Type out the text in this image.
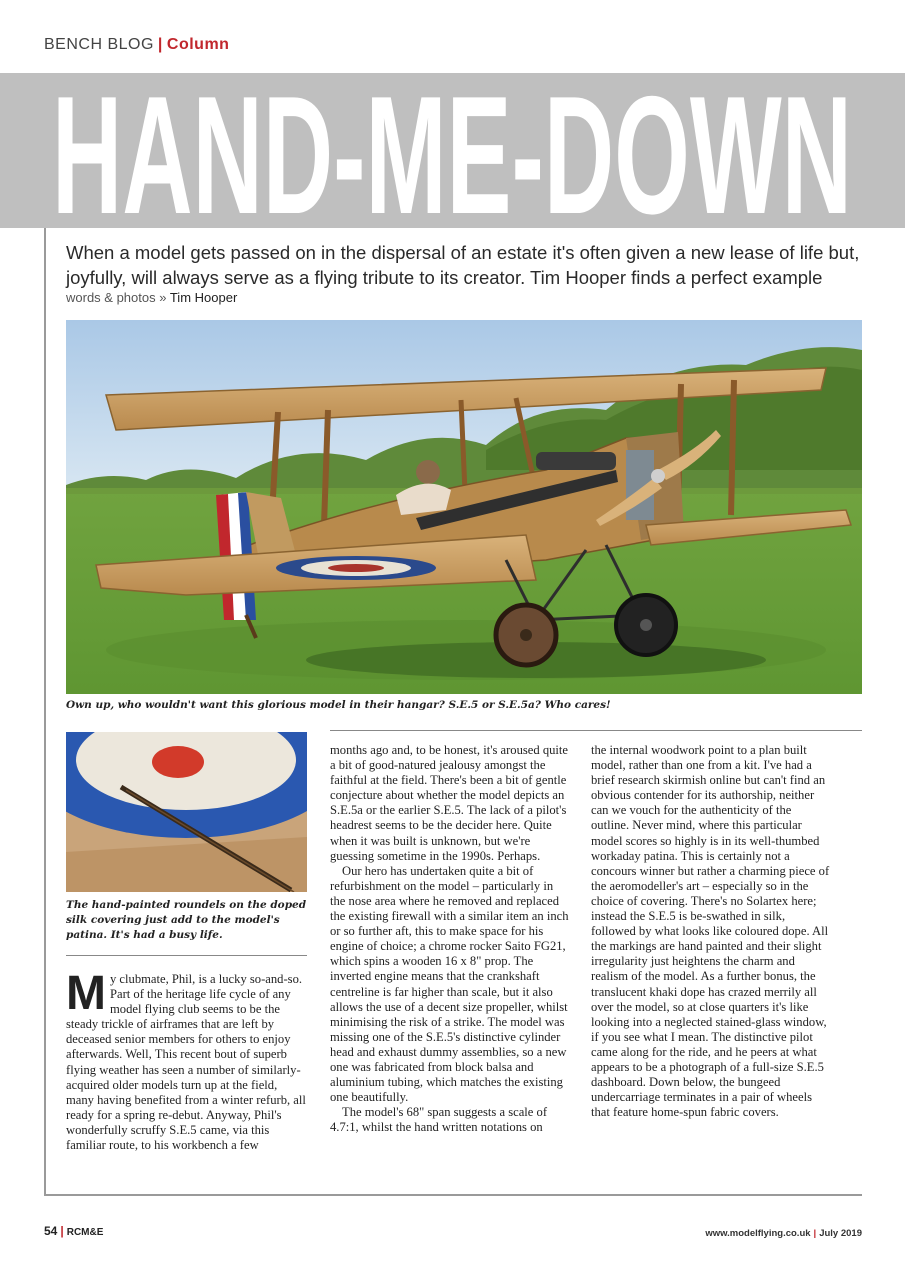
BENCH BLOG | Column
HAND-ME-DOWN
When a model gets passed on in the dispersal of an estate it's often given a new lease of life but, joyfully, will always serve as a flying tribute to its creator. Tim Hooper finds a perfect example
words & photos » Tim Hooper
Own up, who wouldn't want this glorious model in their hangar? S.E.5 or S.E.5a? Who cares!
The hand-painted roundels on the doped silk covering just add to the model's patina. It's had a busy life.

My clubmate, Phil, is a lucky so-and-so. Part of the heritage life cycle of any model flying club seems to be the steady trickle of airframes that are left by deceased senior members for others to enjoy afterwards. Well, This recent bout of superb flying weather has seen a number of similarly-acquired older models turn up at the field, many having benefited from a winter refurb, all ready for a spring re-debut. Anyway, Phil's wonderfully scruffy S.E.5 came, via this familiar route, to his workbench a few

months ago and, to be honest, it's aroused quite a bit of good-natured jealousy amongst the faithful at the field. There's been a bit of gentle conjecture about whether the model depicts an S.E.5a or the earlier S.E.5. The lack of a pilot's headrest seems to be the decider here. Quite when it was built is unknown, but we're guessing sometime in the 1990s. Perhaps.

Our hero has undertaken quite a bit of refurbishment on the model – particularly in the nose area where he removed and replaced the existing firewall with a similar item an inch or so further aft, this to make space for his engine of choice; a chrome rocker Saito FG21, which spins a wooden 16 x 8" prop. The inverted engine means that the crankshaft centreline is far higher than scale, but it also allows the use of a decent size propeller, whilst minimising the risk of a strike. The model was missing one of the S.E.5's distinctive cylinder head and exhaust dummy assemblies, so a new one was fabricated from block balsa and aluminium tubing, which matches the existing one beautifully.

The model's 68" span suggests a scale of 4.7:1, whilst the hand written notations on

the internal woodwork point to a plan built model, rather than one from a kit. I've had a brief research skirmish online but can't find an obvious contender for its authorship, neither can we vouch for the authenticity of the outline. Never mind, where this particular model scores so highly is in its well-thumbed workaday patina. This is certainly not a concours winner but rather a charming piece of the aeromodeller's art – especially so in the choice of covering. There's no Solartex here; instead the S.E.5 is be-swathed in silk, followed by what looks like coloured dope. All the markings are hand painted and their slight irregularity just heightens the charm and realism of the model. As a further bonus, the translucent khaki dope has crazed merrily all over the model, so at close quarters it's like looking into a neglected stained-glass window, if you see what I mean. The distinctive pilot came along for the ride, and he peers at what appears to be a photograph of a full-size S.E.5 dashboard. Down below, the bungeed undercarriage terminates in a pair of wheels that feature home-spun fabric covers.

54 | RCM&E	www.modelflying.co.uk | July 2019
